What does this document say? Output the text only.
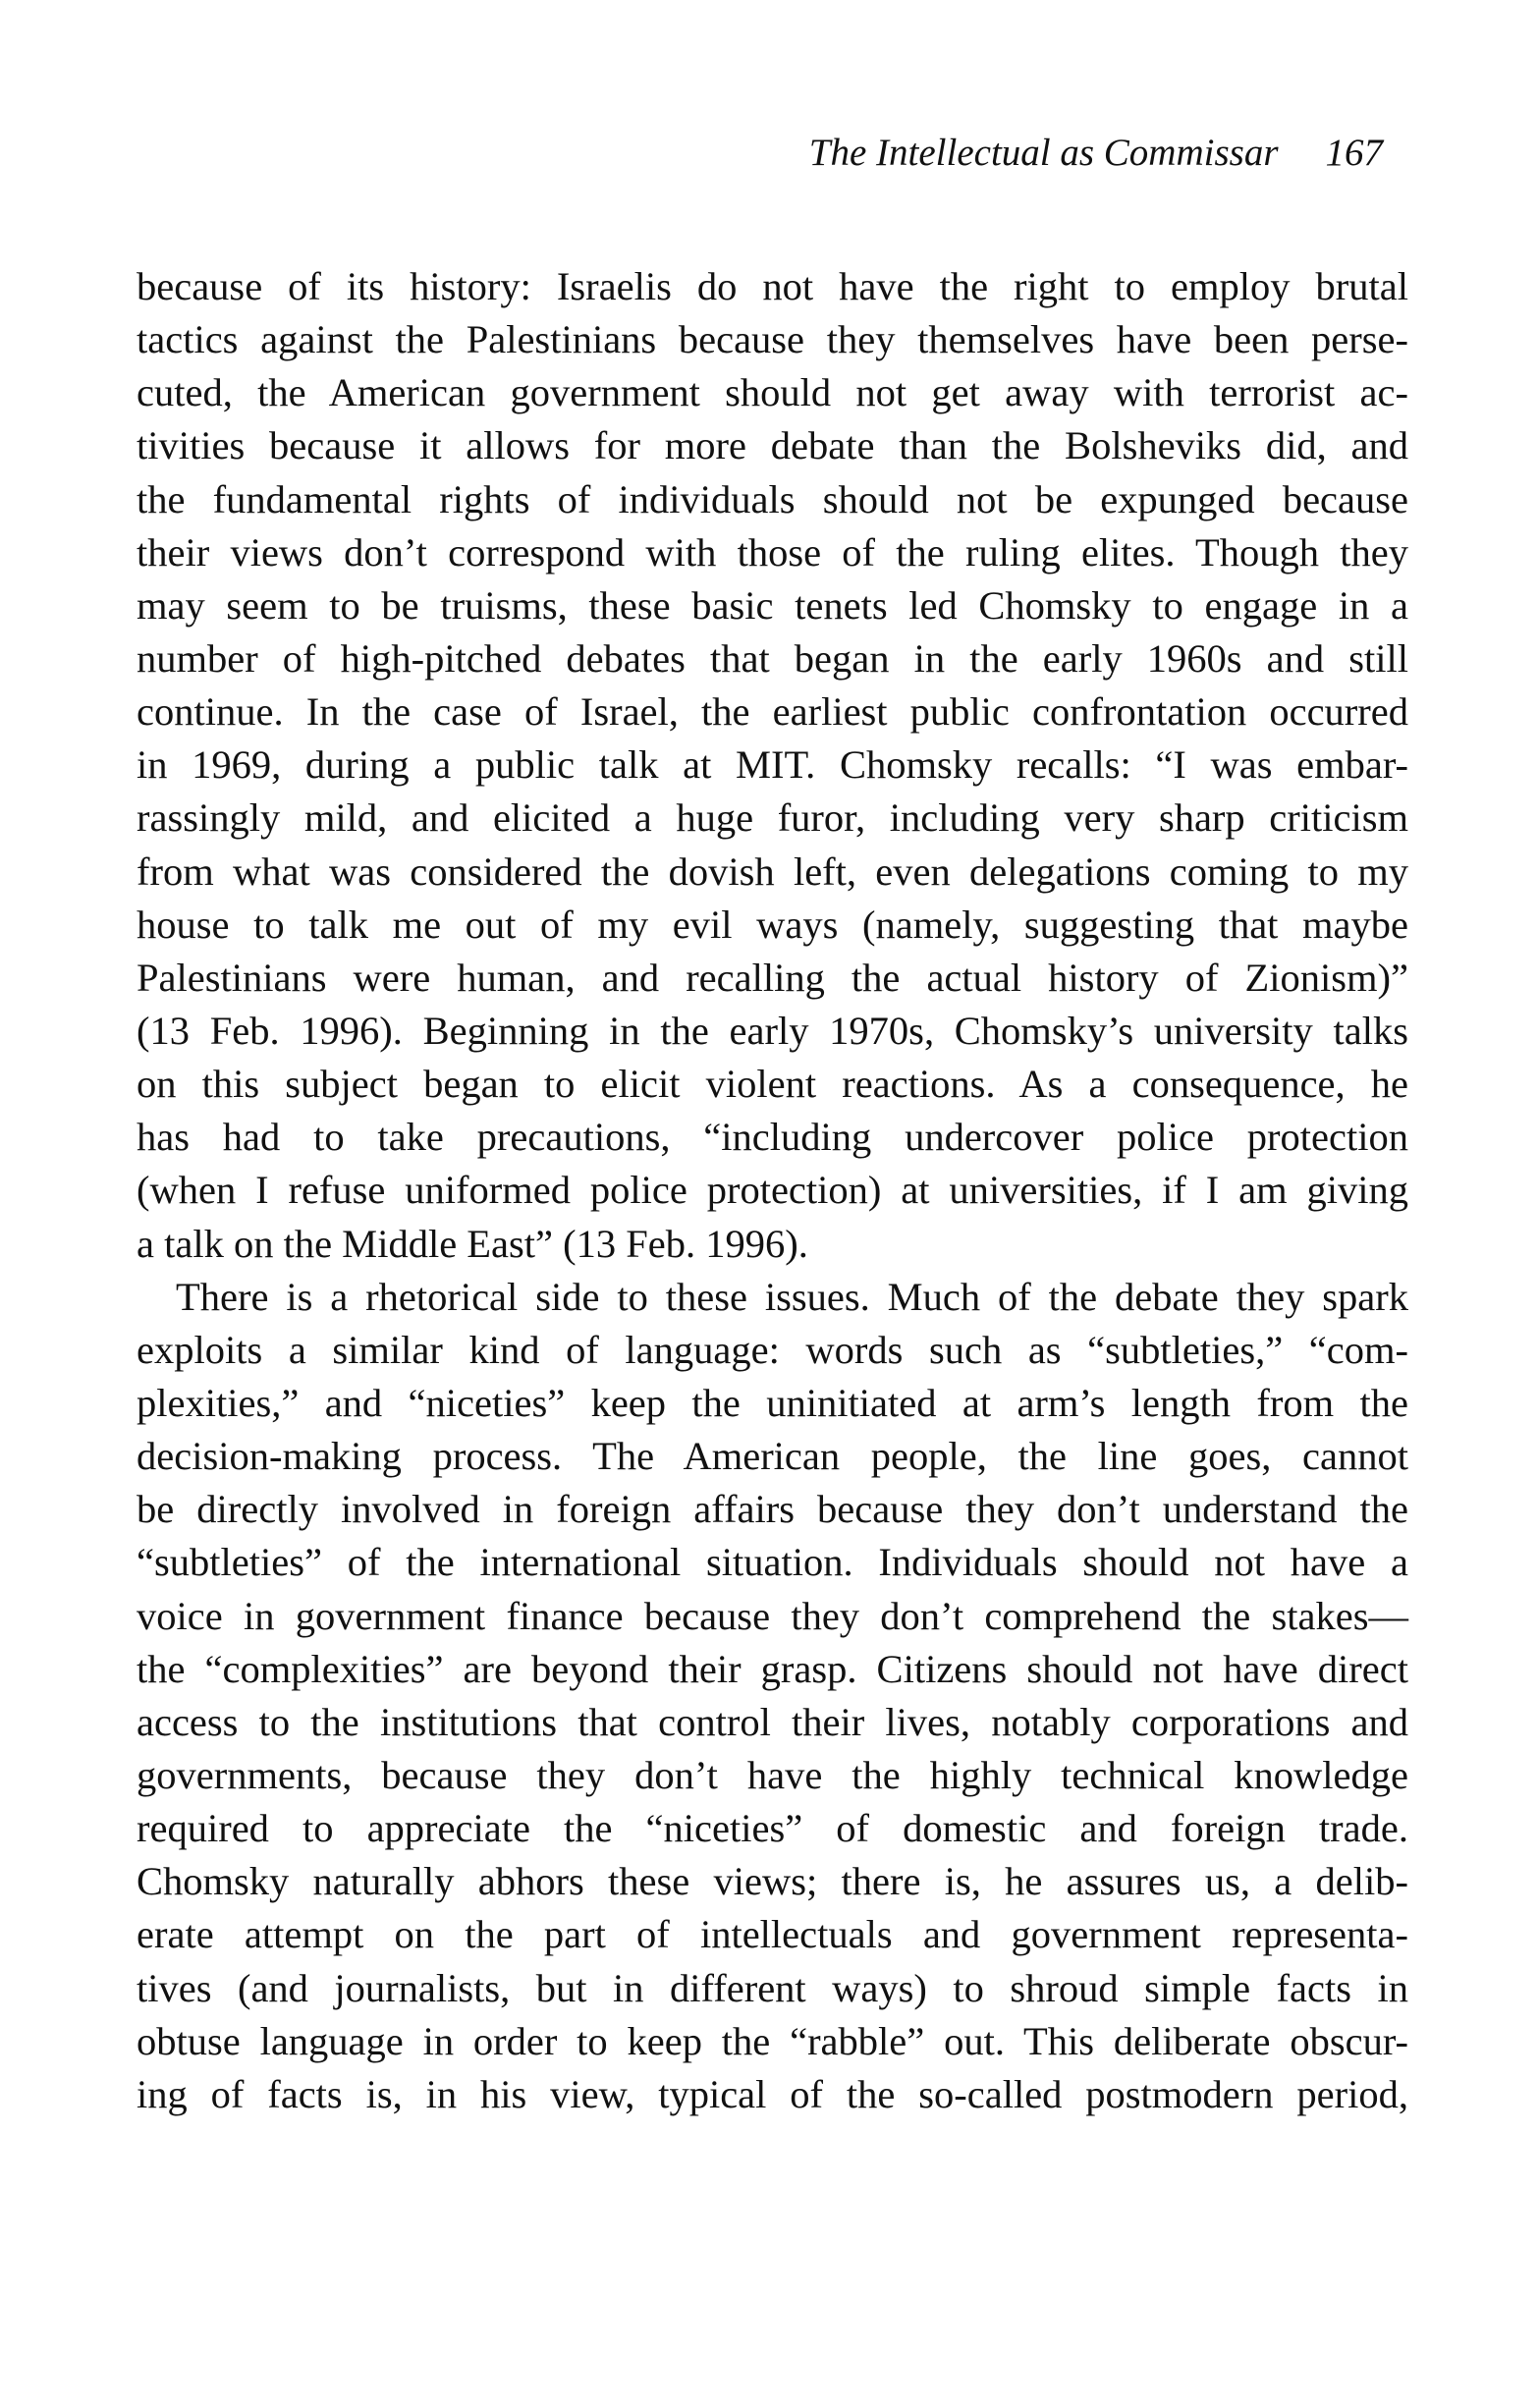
The Intellectual as Commissar 167
because of its history: Israelis do not have the right to employ brutal
tactics against the Palestinians because they themselves have been perse-
cuted, the American government should not get away with terrorist ac-
tivities because it allows for more debate than the Bolsheviks did, and
the fundamental rights of individuals should not be expunged because
their views don’t correspond with those of the ruling elites. Though they
may seem to be truisms, these basic tenets led Chomsky to engage in a
number of high-pitched debates that began in the early 1960s and still
continue. In the case of Israel, the earliest public confrontation occurred
in 1969, during a public talk at MIT. Chomsky recalls: “I was embar-
rassingly mild, and elicited a huge furor, including very sharp criticism
from what was considered the dovish left, even delegations coming to my
house to talk me out of my evil ways (namely, suggesting that maybe
Palestinians were human, and recalling the actual history of Zionism)”
(13 Feb. 1996). Beginning in the early 1970s, Chomsky’s university talks
on this subject began to elicit violent reactions. As a consequence, he
has had to take precautions, “including undercover police protection
(when I refuse uniformed police protection) at universities, if I am giving
a talk on the Middle East” (13 Feb. 1996).
There is a rhetorical side to these issues. Much of the debate they spark
exploits a similar kind of language: words such as “subtleties,” “com-
plexities,” and “niceties” keep the uninitiated at arm’s length from the
decision-making process. The American people, the line goes, cannot
be directly involved in foreign affairs because they don’t understand the
“subtleties” of the international situation. Individuals should not have a
voice in government finance because they don’t comprehend the stakes—
the “complexities” are beyond their grasp. Citizens should not have direct
access to the institutions that control their lives, notably corporations and
governments, because they don’t have the highly technical knowledge
required to appreciate the “niceties” of domestic and foreign trade.
Chomsky naturally abhors these views; there is, he assures us, a delib-
erate attempt on the part of intellectuals and government representa-
tives (and journalists, but in different ways) to shroud simple facts in
obtuse language in order to keep the “rabble” out. This deliberate obscur-
ing of facts is, in his view, typical of the so-called postmodern period,
